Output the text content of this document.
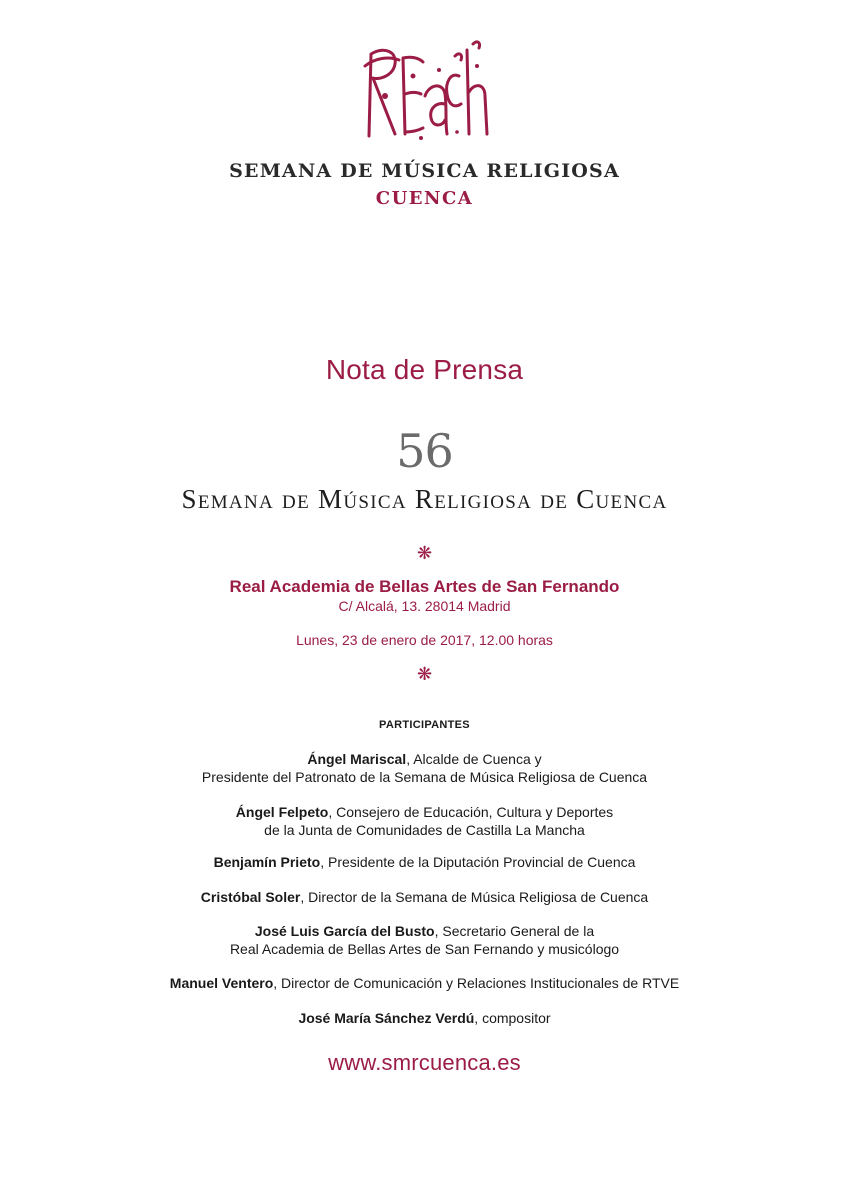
SEMANA DE MÚSICA RELIGIOSA
CUENCA
Nota de Prensa
56
Semana de Música Religiosa de Cuenca
❋
Real Academia de Bellas Artes de San Fernando
C/ Alcalá, 13. 28014 Madrid
Lunes, 23 de enero de 2017, 12.00 horas
❋
PARTICIPANTES
Ángel Mariscal, Alcalde de Cuenca y
Presidente del Patronato de la Semana de Música Religiosa de Cuenca
Ángel Felpeto, Consejero de Educación, Cultura y Deportes
de la Junta de Comunidades de Castilla La Mancha
Benjamín Prieto, Presidente de la Diputación Provincial de Cuenca
Cristóbal Soler, Director de la Semana de Música Religiosa de Cuenca
José Luis García del Busto, Secretario General de la
Real Academia de Bellas Artes de San Fernando y musicólogo
Manuel Ventero, Director de Comunicación y Relaciones Institucionales de RTVE
José María Sánchez Verdú, compositor
www.smrcuenca.es
